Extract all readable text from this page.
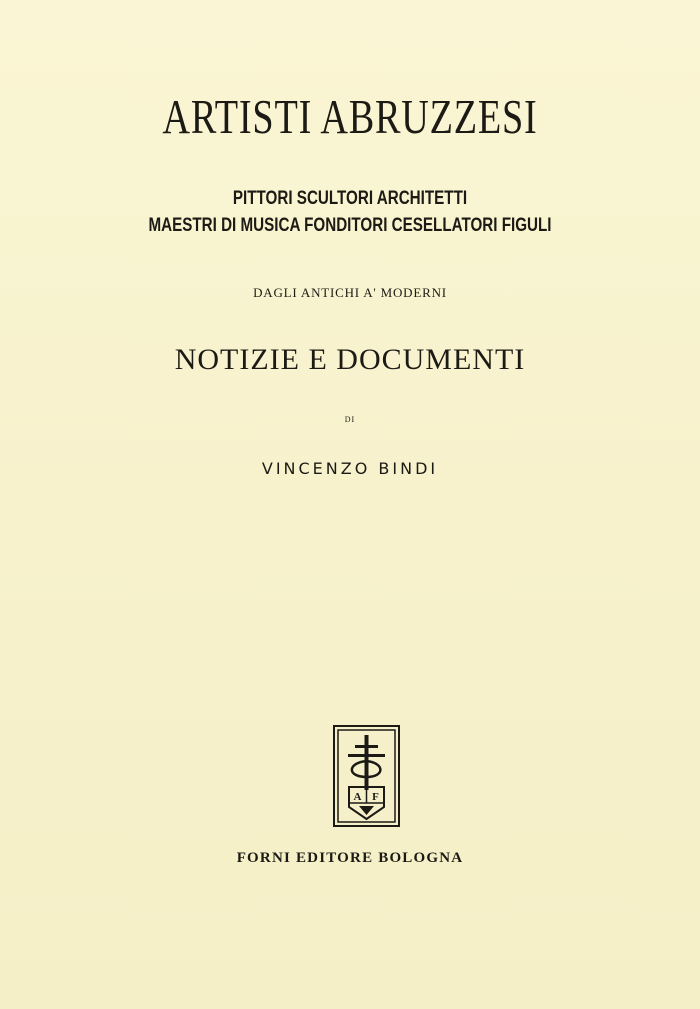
ARTISTI ABRUZZESI
PITTORI SCULTORI ARCHITETTI
MAESTRI DI MUSICA FONDITORI CESELLATORI FIGULI
DAGLI ANTICHI A' MODERNI
NOTIZIE E DOCUMENTI
DI
VINCENZO BINDI
A F
FORNI EDITORE BOLOGNA
